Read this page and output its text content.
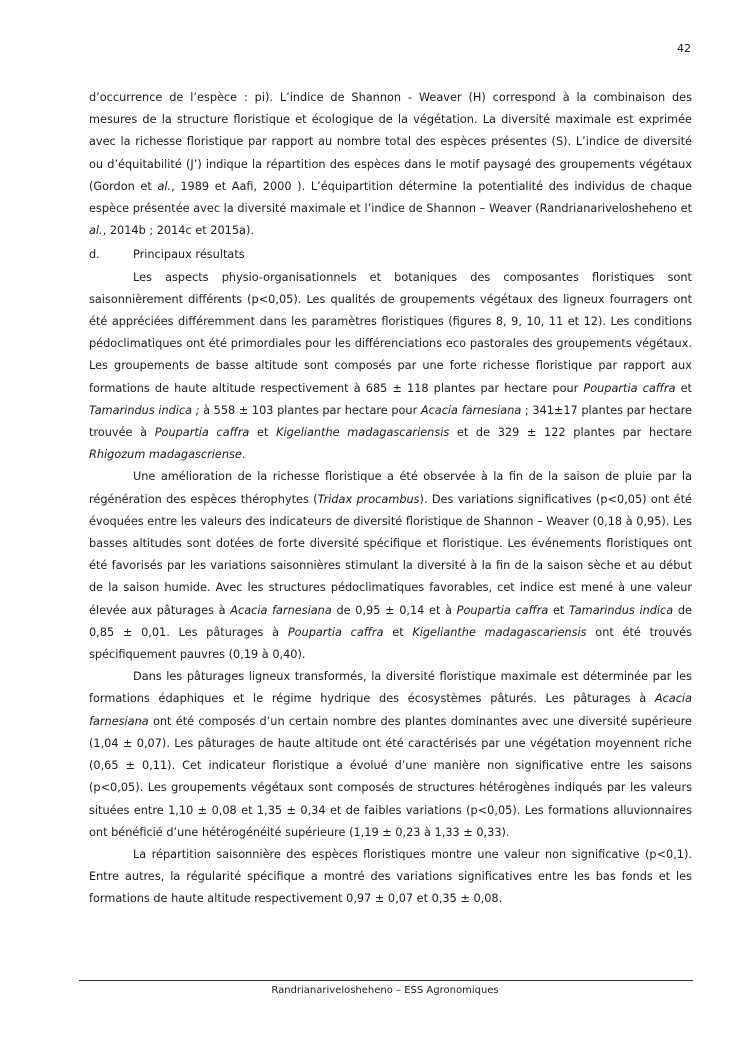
42

d’occurrence de l’espèce : pi). L’indice de Shannon - Weaver (H) correspond à la combinaison des mesures de la structure floristique et écologique de la végétation. La diversité maximale est exprimée avec la richesse floristique par rapport au nombre total des espèces présentes (S). L’indice de diversité ou d’équitabilité (J’) indique la répartition des espèces dans le motif paysagé des groupements végétaux (Gordon et al., 1989 et Aafi, 2000 ). L’équipartition détermine la potentialité des individus de chaque espèce présentée avec la diversité maximale et l’indice de Shannon – Weaver (Randrianarivelosheheno et al., 2014b ; 2014c et 2015a).

d.	Principaux résultats

Les aspects physio-organisationnels et botaniques des composantes floristiques sont saisonnièrement différents (p<0,05). Les qualités de groupements végétaux des ligneux fourragers ont été appréciées différemment dans les paramètres floristiques (figures 8, 9, 10, 11 et 12). Les conditions pédoclimatiques ont été primordiales pour les différenciations eco pastorales des groupements végétaux. Les groupements de basse altitude sont composés par une forte richesse floristique par rapport aux formations de haute altitude respectivement à 685 ± 118 plantes par hectare pour Poupartia caffra et Tamarindus indica ; à 558 ± 103 plantes par hectare pour Acacia farnesiana ; 341±17 plantes par hectare trouvée à Poupartia caffra et Kigelianthe madagascariensis et de 329 ± 122 plantes par hectare Rhigozum madagascriense.

Une amélioration de la richesse floristique a été observée à la fin de la saison de pluie par la régénération des espèces thérophytes (Tridax procambus). Des variations significatives (p<0,05) ont été évoquées entre les valeurs des indicateurs de diversité floristique de Shannon – Weaver (0,18 à 0,95). Les basses altitudes sont dotées de forte diversité spécifique et floristique. Les événements floristiques ont été favorisés par les variations saisonnières stimulant la diversité à la fin de la saison sèche et au début de la saison humide. Avec les structures pédoclimatiques favorables, cet indice est mené à une valeur élevée aux pâturages à Acacia farnesiana de 0,95 ± 0,14 et à Poupartia caffra et Tamarindus indica de 0,85 ± 0,01. Les pâturages à Poupartia caffra et Kigelianthe madagascariensis ont été trouvés spécifiquement pauvres (0,19 à 0,40).

Dans les pâturages ligneux transformés, la diversité floristique maximale est déterminée par les formations édaphiques et le régime hydrique des écosystèmes pâturés. Les pâturages à Acacia farnesiana ont été composés d’un certain nombre des plantes dominantes avec une diversité supérieure (1,04 ± 0,07). Les pâturages de haute altitude ont été caractérisés par une végétation moyennent riche (0,65 ± 0,11). Cet indicateur floristique a évolué d’une manière non significative entre les saisons (p<0,05). Les groupements végétaux sont composés de structures hétérogènes indiqués par les valeurs situées entre 1,10 ± 0,08 et 1,35 ± 0,34 et de faibles variations (p<0,05). Les formations alluvionnaires ont bénéficié d’une hétérogénéité supérieure (1,19 ± 0,23 à 1,33 ± 0,33).

La répartition saisonnière des espèces floristiques montre une valeur non significative (p<0,1). Entre autres, la régularité spécifique a montré des variations significatives entre les bas fonds et les formations de haute altitude respectivement 0,97 ± 0,07 et 0,35 ± 0,08.

Randrianarivelosheheno – ESS Agronomiques
